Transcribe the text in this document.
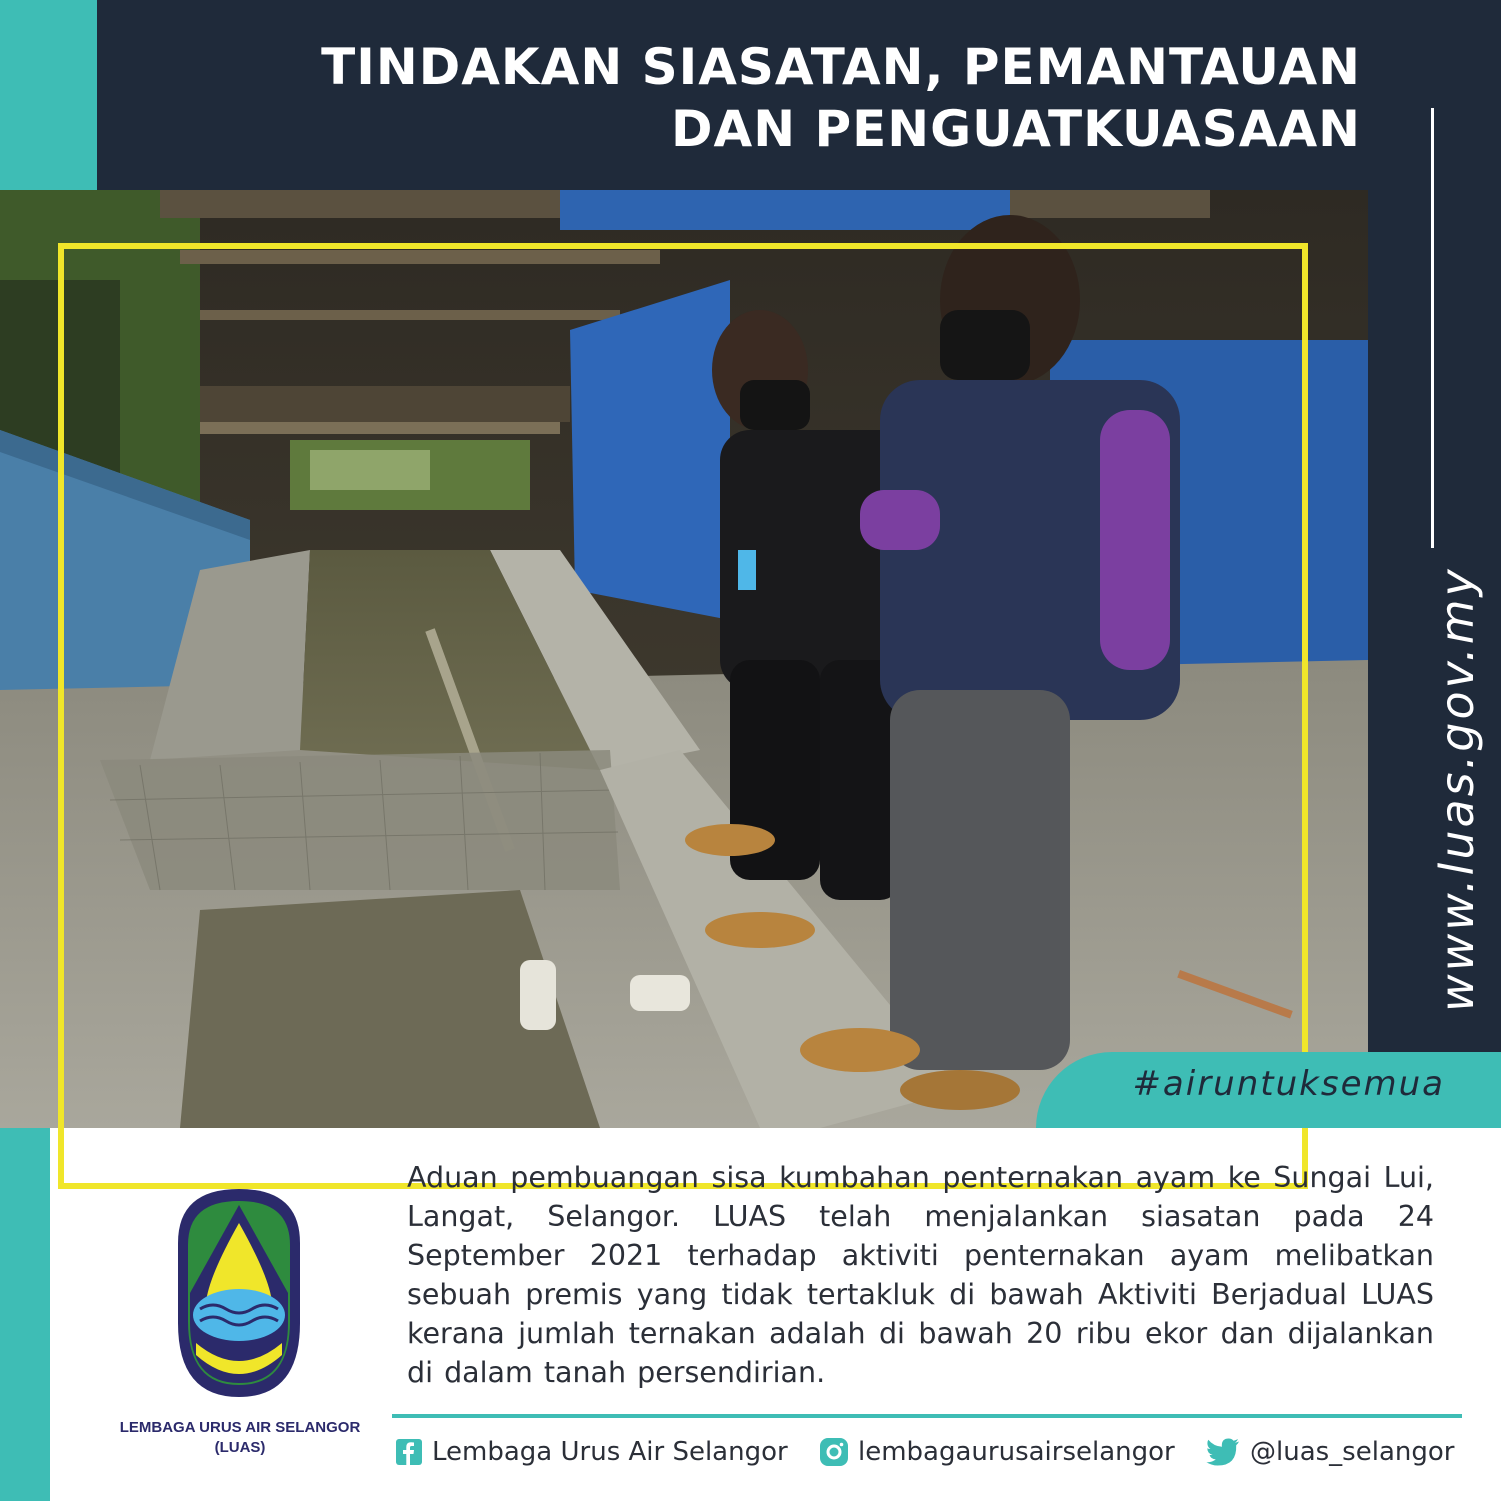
TINDAKAN SIASATAN, PEMANTAUAN
DAN PENGUATKUASAAN
www.luas.gov.my
#airuntuksemua
LEMBAGA URUS AIR SELANGOR
(LUAS)
Aduan pembuangan sisa kumbahan penternakan ayam ke Sungai Lui, Langat, Selangor. LUAS telah menjalankan siasatan pada 24 September 2021 terhadap aktiviti penternakan ayam melibatkan sebuah premis yang tidak tertakluk di bawah Aktiviti Berjadual LUAS kerana jumlah ternakan adalah di bawah 20 ribu ekor dan dijalankan di dalam tanah persendirian.
Lembaga Urus Air Selangor	lembagaurusairselangor	@luas_selangor
